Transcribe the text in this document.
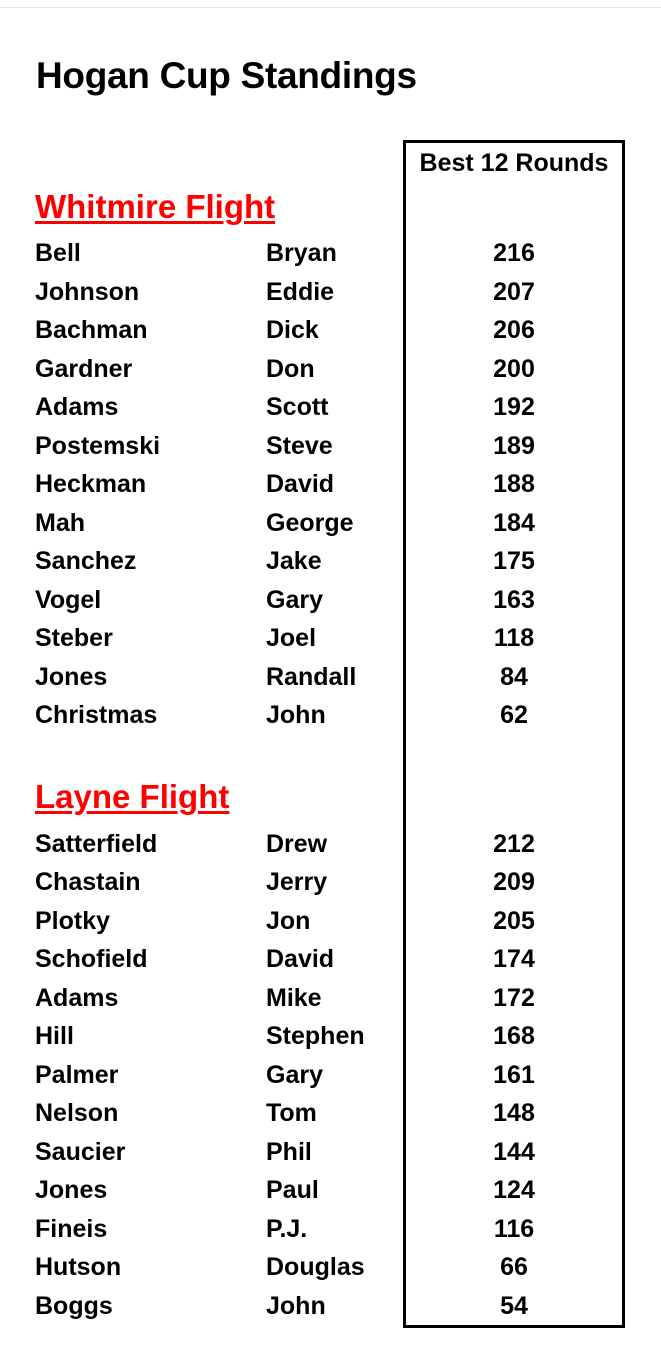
Hogan Cup Standings
Best 12 Rounds
Whitmire Flight
Bell	Bryan	216
Johnson	Eddie	207
Bachman	Dick	206
Gardner	Don	200
Adams	Scott	192
Postemski	Steve	189
Heckman	David	188
Mah	George	184
Sanchez	Jake	175
Vogel	Gary	163
Steber	Joel	118
Jones	Randall	84
Christmas	John	62
Layne Flight
Satterfield	Drew	212
Chastain	Jerry	209
Plotky	Jon	205
Schofield	David	174
Adams	Mike	172
Hill	Stephen	168
Palmer	Gary	161
Nelson	Tom	148
Saucier	Phil	144
Jones	Paul	124
Fineis	P.J.	116
Hutson	Douglas	66
Boggs	John	54
